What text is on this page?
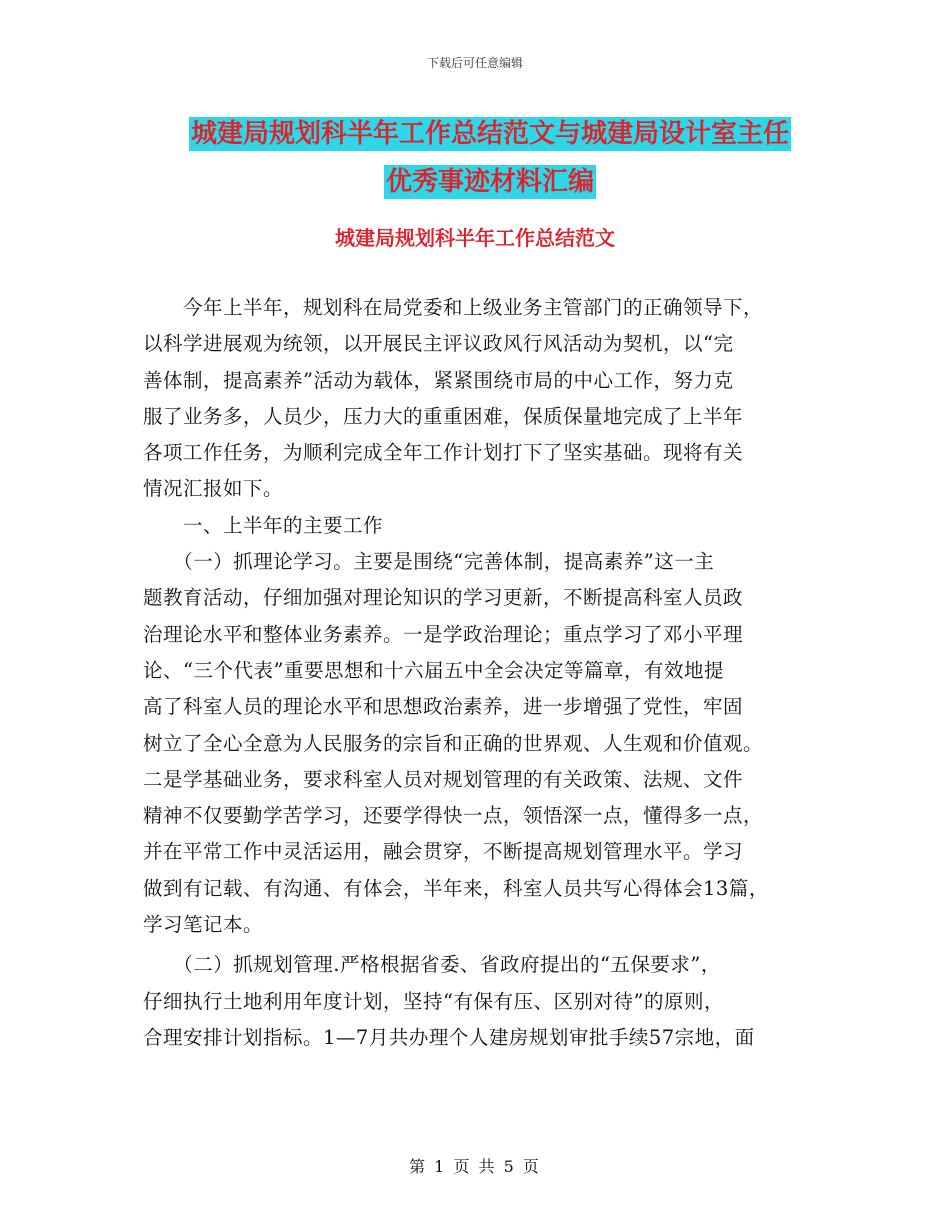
下载后可任意编辑
城建局规划科半年工作总结范文与城建局设计室主任
优秀事迹材料汇编
城建局规划科半年工作总结范文
　　今年上半年，规划科在局党委和上级业务主管部门的正确领导下，
以科学进展观为统领，以开展民主评议政风行风活动为契机，以“完
善体制，提高素养”活动为载体，紧紧围绕市局的中心工作，努力克
服了业务多，人员少，压力大的重重困难，保质保量地完成了上半年
各项工作任务，为顺利完成全年工作计划打下了坚实基础。现将有关
情况汇报如下。
　　一、上半年的主要工作
　　（一）抓理论学习。主要是围绕“完善体制，提高素养”这一主
题教育活动，仔细加强对理论知识的学习更新，不断提高科室人员政
治理论水平和整体业务素养。一是学政治理论；重点学习了邓小平理
论、“三个代表”重要思想和十六届五中全会决定等篇章，有效地提
高了科室人员的理论水平和思想政治素养，进一步增强了党性，牢固
树立了全心全意为人民服务的宗旨和正确的世界观、人生观和价值观。
二是学基础业务，要求科室人员对规划管理的有关政策、法规、文件
精神不仅要勤学苦学习，还要学得快一点，领悟深一点，懂得多一点，
并在平常工作中灵活运用，融会贯穿，不断提高规划管理水平。学习
做到有记载、有沟通、有体会，半年来，科室人员共写心得体会13篇，
学习笔记本。
　　（二）抓规划管理.严格根据省委、省政府提出的“五保要求”，
仔细执行土地利用年度计划，坚持“有保有压、区别对待”的原则，
合理安排计划指标。1—7月共办理个人建房规划审批手续57宗地，面
第 1 页 共 5 页
